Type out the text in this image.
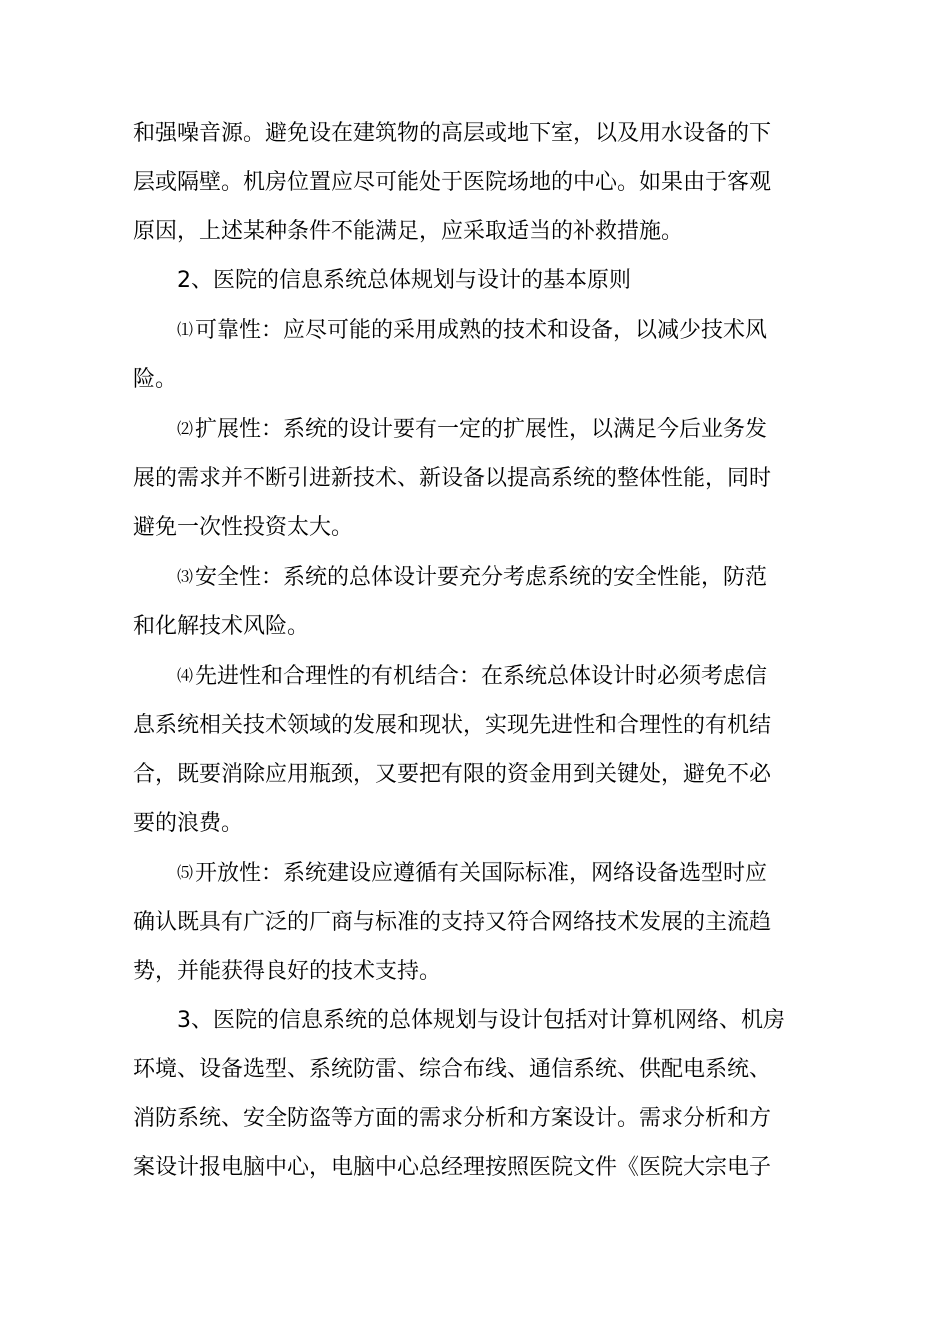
和强噪音源。避免设在建筑物的高层或地下室，以及用水设备的下

层或隔壁。机房位置应尽可能处于医院场地的中心。如果由于客观

原因，上述某种条件不能满足，应采取适当的补救措施。

2、医院的信息系统总体规划与设计的基本原则

⑴可靠性：应尽可能的采用成熟的技术和设备，以减少技术风

险。

⑵扩展性：系统的设计要有一定的扩展性，以满足今后业务发

展的需求并不断引进新技术、新设备以提高系统的整体性能，同时

避免一次性投资太大。

⑶安全性：系统的总体设计要充分考虑系统的安全性能，防范

和化解技术风险。

⑷先进性和合理性的有机结合：在系统总体设计时必须考虑信

息系统相关技术领域的发展和现状，实现先进性和合理性的有机结

合，既要消除应用瓶颈，又要把有限的资金用到关键处，避免不必

要的浪费。

⑸开放性：系统建设应遵循有关国际标准，网络设备选型时应

确认既具有广泛的厂商与标准的支持又符合网络技术发展的主流趋

势，并能获得良好的技术支持。

3、医院的信息系统的总体规划与设计包括对计算机网络、机房

环境、设备选型、系统防雷、综合布线、通信系统、供配电系统、

消防系统、安全防盗等方面的需求分析和方案设计。需求分析和方

案设计报电脑中心，电脑中心总经理按照医院文件《医院大宗电子
